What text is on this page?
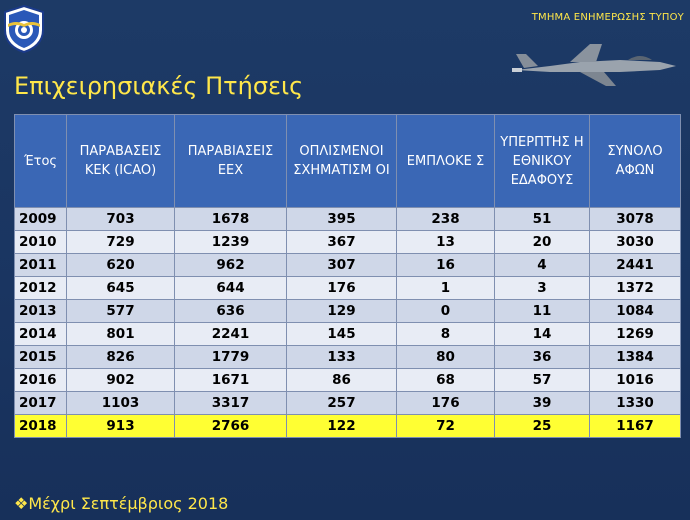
ΤΜΗΜΑ ΕΝΗΜΕΡΩΣΗΣ ΤΥΠΟΥ
Επιχειρησιακές Πτήσεις
Έτος	ΠΑΡΑΒΑΣΕΙΣ ΚΕΚ (ICAO)	ΠΑΡΑΒΙΑΣΕΙΣ ΕΕΧ	ΟΠΛΙΣΜΕΝΟΙ ΣΧΗΜΑΤΙΣΜ ΟΙ	ΕΜΠΛΟΚΕ Σ	ΥΠΕΡΠΤΗΣ Η ΕΘΝΙΚΟΥ ΕΔΑΦΟΥΣ	ΣΥΝΟΛΟ ΑΦΩΝ
2009	703	1678	395	238	51	3078
2010	729	1239	367	13	20	3030
2011	620	962	307	16	4	2441
2012	645	644	176	1	3	1372
2013	577	636	129	0	11	1084
2014	801	2241	145	8	14	1269
2015	826	1779	133	80	36	1384
2016	902	1671	86	68	57	1016
2017	1103	3317	257	176	39	1330
2018	913	2766	122	72	25	1167
❖Μέχρι Σεπτέμβριος 2018
